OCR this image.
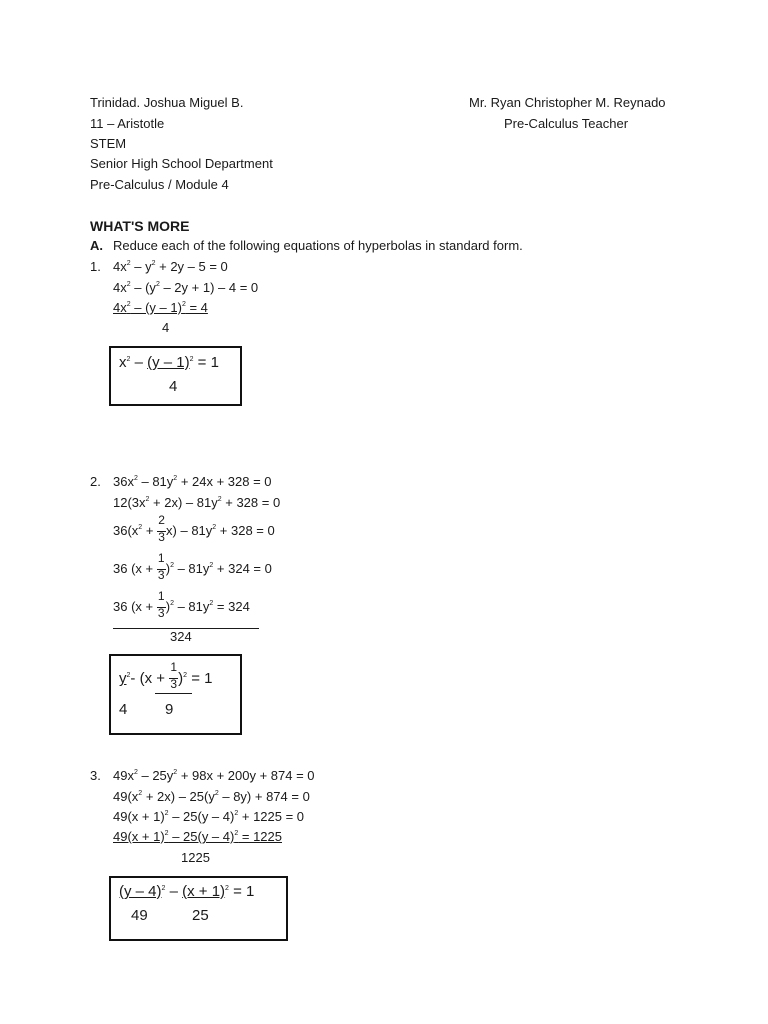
Trinidad. Joshua Miguel B.
11 – Aristotle
STEM
Senior High School Department
Pre-Calculus / Module 4
Mr. Ryan Christopher M. Reynado
Pre-Calculus Teacher
WHAT'S MORE
A. Reduce each of the following equations of hyperbolas in standard form.
1. $4x^2 - y^2 + 2y - 5 = 0$
$4x^2 - (y^2 - 2y + 1) - 4 = 0$
$4x^2 - (y - 1)^2 = 4$
4
$x^2 - (y - 1)^2 = 1$
4
2. $36x^2 - 81y^2 + 24x + 328 = 0$
$12(3x^2 + 2x) - 81y^2 + 328 = 0$
$36(x^2 + \frac{2}{3} x) - 81y^2 + 328 = 0$
36 $(x + \frac{1}{3} )^2 - 81y^2 + 324 = 0$
36 $(x + \frac{1}{3} )^2 - 81y^2 = 324$
324
$y^2-$ $(x + \frac{1}{3} )^2 = 1$
4	9
3. $49x^2 - 25y^2 + 98x + 200y + 874 = 0$
$49(x^2 + 2x) - 25(y^2 - 8y) + 874 = 0$
$49(x + 1)^2 - 25(y - 4)^2 + 1225 = 0$
$49(x + 1)^2 - 25(y - 4)^2 = 1225$
1225
$(y - 4)^2 - (x + 1)^2 = 1$
49	25
